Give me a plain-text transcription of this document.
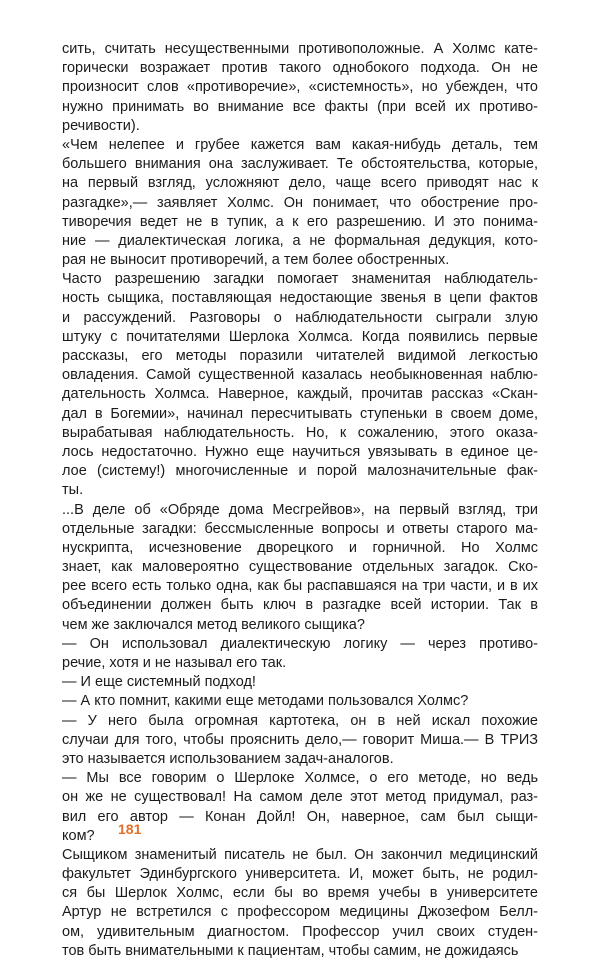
сить, считать несущественными противоположные. А Холмс кате-
горически возражает против такого однобокого подхода. Он не
произносит слов «противоречие», «системность», но убежден, что
нужно принимать во внимание все факты (при всей их противо-
речивости).
«Чем нелепее и грубее кажется вам какая-нибудь деталь, тем
большего внимания она заслуживает. Те обстоятельства, которые,
на первый взгляд, усложняют дело, чаще всего приводят нас к
разгадке»,— заявляет Холмс. Он понимает, что обострение про-
тиворечия ведет не в тупик, а к его разрешению. И это понима-
ние — диалектическая логика, а не формальная дедукция, кото-
рая не выносит противоречий, а тем более обостренных.
Часто разрешению загадки помогает знаменитая наблюдатель-
ность сыщика, поставляющая недостающие звенья в цепи фактов
и рассуждений. Разговоры о наблюдательности сыграли злую
штуку с почитателями Шерлока Холмса. Когда появились первые
рассказы, его методы поразили читателей видимой легкостью
овладения. Самой существенной казалась необыкновенная наблю-
дательность Холмса. Наверное, каждый, прочитав рассказ «Скан-
дал в Богемии», начинал пересчитывать ступеньки в своем доме,
вырабатывая наблюдательность. Но, к сожалению, этого оказа-
лось недостаточно. Нужно еще научиться увязывать в единое це-
лое (систему!) многочисленные и порой малозначительные фак-
ты.
...В деле об «Обряде дома Месгрейвов», на первый взгляд, три
отдельные загадки: бессмысленные вопросы и ответы старого ма-
нускрипта, исчезновение дворецкого и горничной. Но Холмс
знает, как маловероятно существование отдельных загадок. Ско-
рее всего есть только одна, как бы распавшаяся на три части, и в их
объединении должен быть ключ в разгадке всей истории. Так в
чем же заключался метод великого сыщика?
— Он использовал диалектическую логику — через противо-
речие, хотя и не называл его так.
— И еще системный подход!
— А кто помнит, какими еще методами пользовался Холмс?
— У него была огромная картотека, он в ней искал похожие
случаи для того, чтобы прояснить дело,— говорит Миша.— В ТРИЗ
это называется использованием задач-аналогов.
— Мы все говорим о Шерлоке Холмсе, о его методе, но ведь
он же не существовал! На самом деле этот метод придумал, раз-
вил его автор — Конан Дойл! Он, наверное, сам был сыщи-
ком?
Сыщиком знаменитый писатель не был. Он закончил медицинский
факультет Эдинбургского университета. И, может быть, не родил-
ся бы Шерлок Холмс, если бы во время учебы в университете
Артур не встретился с профессором медицины Джозефом Белл-
ом, удивительным диагностом. Профессор учил своих студен-
тов быть внимательными к пациентам, чтобы самим, не дожидаясь
181
